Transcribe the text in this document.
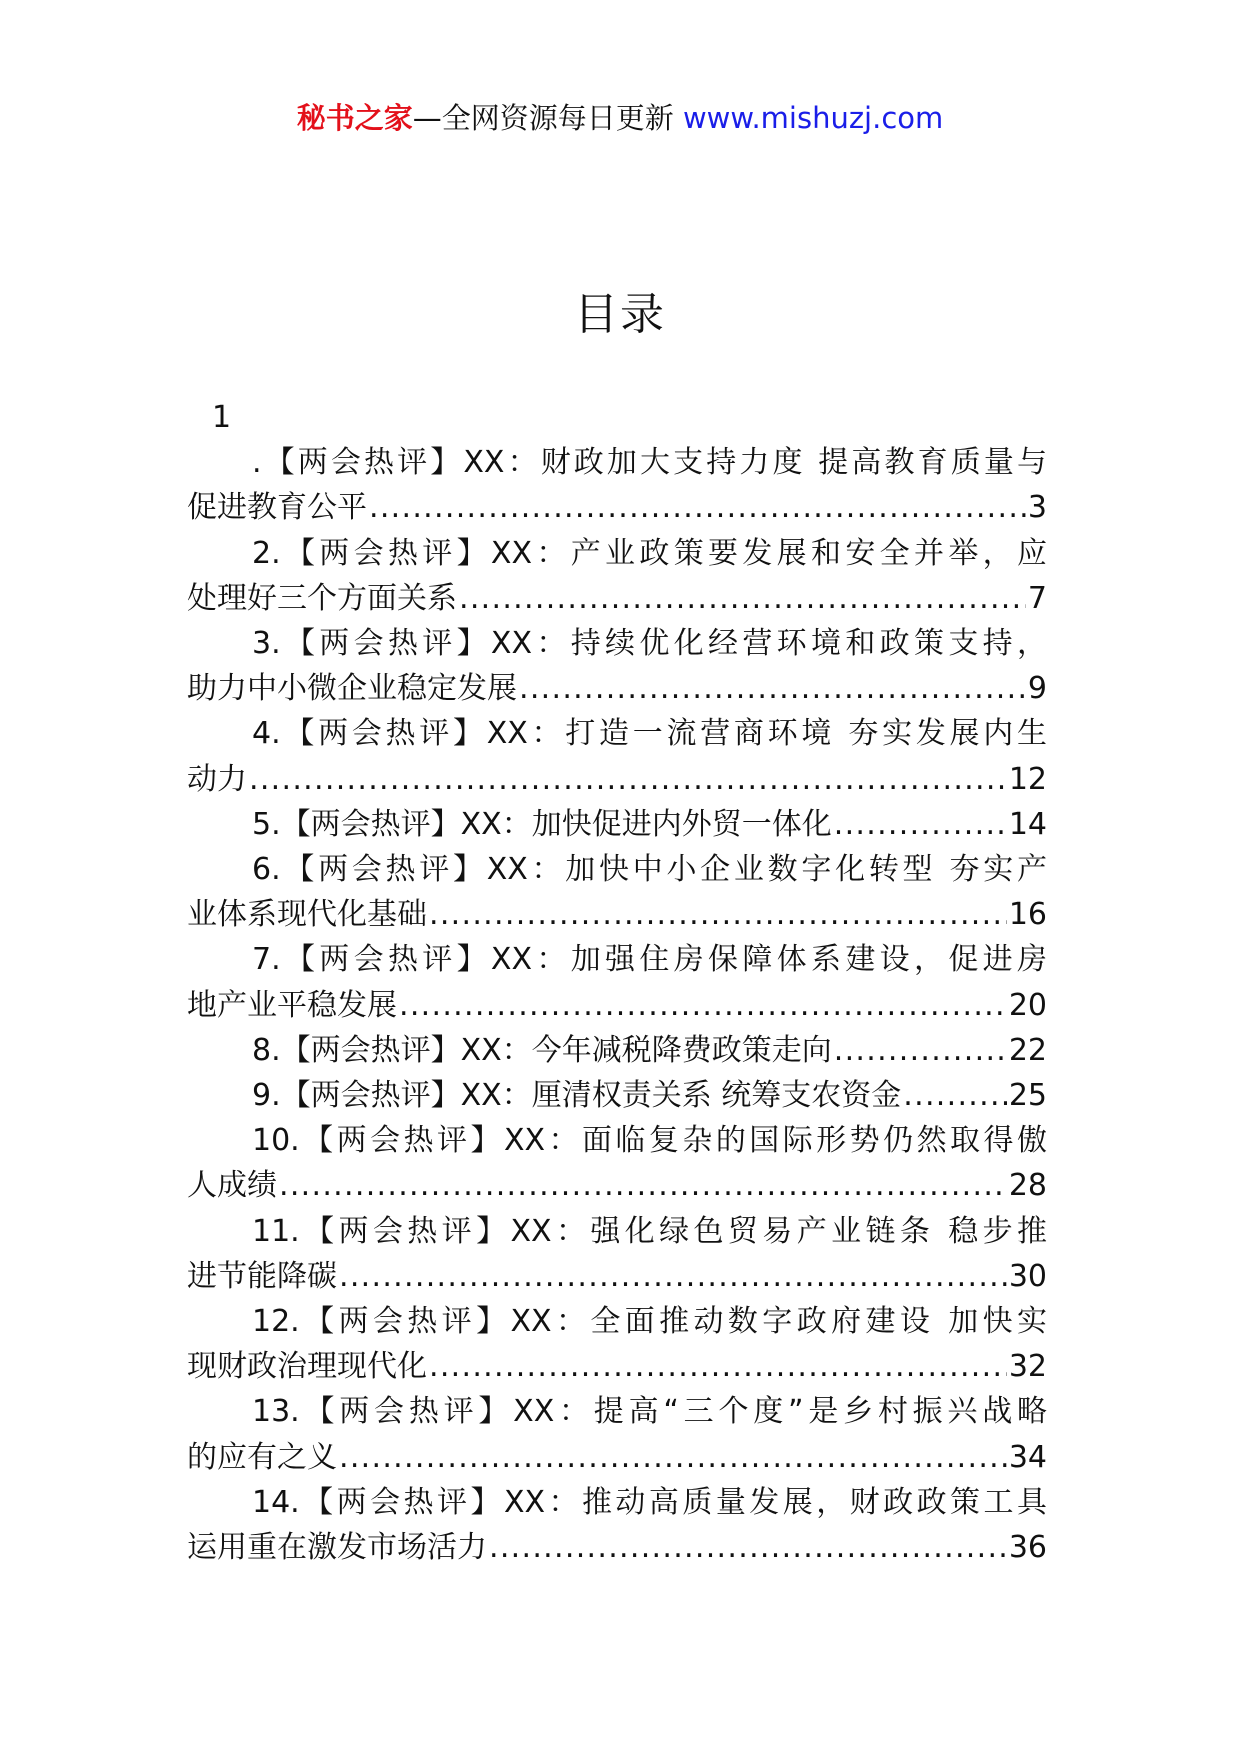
秘书之家—全网资源每日更新 www.mishuzj.com
目录
1
.【两会热评】XX：财政加大支持力度 提高教育质量与
促进教育公平 .....	3
2.【两会热评】XX：产业政策要发展和安全并举，应
处理好三个方面关系 .....	7
3.【两会热评】XX：持续优化经营环境和政策支持，
助力中小微企业稳定发展 .....	9
4.【两会热评】XX：打造一流营商环境 夯实发展内生
动力 .....	12
5.【两会热评】XX：加快促进内外贸一体化 .....	14
6.【两会热评】XX：加快中小企业数字化转型 夯实产
业体系现代化基础 .....	16
7.【两会热评】XX：加强住房保障体系建设，促进房
地产业平稳发展 .....	20
8.【两会热评】XX：今年减税降费政策走向 .....	22
9.【两会热评】XX：厘清权责关系 统筹支农资金 .....	25
10.【两会热评】XX：面临复杂的国际形势仍然取得傲
人成绩 .....	28
11.【两会热评】XX：强化绿色贸易产业链条 稳步推
进节能降碳 .....	30
12.【两会热评】XX：全面推动数字政府建设 加快实
现财政治理现代化 .....	32
13.【两会热评】XX：提高“三个度”是乡村振兴战略
的应有之义 .....	34
14.【两会热评】XX：推动高质量发展，财政政策工具
运用重在激发市场活力 .....	36
